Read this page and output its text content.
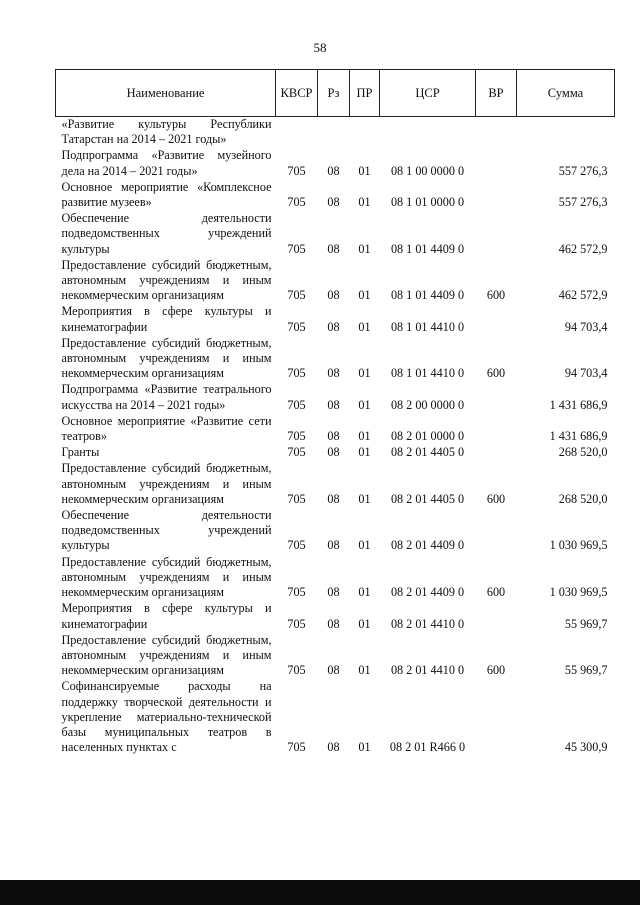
58
Наименование	КВСР	Рз	ПР	ЦСР	ВР	Сумма
«Развитие культуры Республики Татарстан на 2014 – 2021 годы»						
Подпрограмма «Развитие музейного дела на 2014 – 2021 годы»	705	08	01	08 1 00 0000 0		557 276,3
Основное мероприятие «Комплексное развитие музеев»	705	08	01	08 1 01 0000 0		557 276,3
Обеспечение деятельности подведомственных учреждений культуры	705	08	01	08 1 01 4409 0		462 572,9
Предоставление субсидий бюджетным, автономным учреждениям и иным некоммерческим организациям	705	08	01	08 1 01 4409 0	600	462 572,9
Мероприятия в сфере культуры и кинематографии	705	08	01	08 1 01 4410 0		94 703,4
Предоставление субсидий бюджетным, автономным учреждениям и иным некоммерческим организациям	705	08	01	08 1 01 4410 0	600	94 703,4
Подпрограмма «Развитие театрального искусства на 2014 – 2021 годы»	705	08	01	08 2 00 0000 0		1 431 686,9
Основное мероприятие «Развитие сети театров»	705	08	01	08 2 01 0000 0		1 431 686,9
Гранты	705	08	01	08 2 01 4405 0		268 520,0
Предоставление субсидий бюджетным, автономным учреждениям и иным некоммерческим организациям	705	08	01	08 2 01 4405 0	600	268 520,0
Обеспечение деятельности подведомственных учреждений культуры	705	08	01	08 2 01 4409 0		1 030 969,5
Предоставление субсидий бюджетным, автономным учреждениям и иным некоммерческим организациям	705	08	01	08 2 01 4409 0	600	1 030 969,5
Мероприятия в сфере культуры и кинематографии	705	08	01	08 2 01 4410 0		55 969,7
Предоставление субсидий бюджетным, автономным учреждениям и иным некоммерческим организациям	705	08	01	08 2 01 4410 0	600	55 969,7
Софинансируемые расходы на поддержку творческой деятельности и укрепление материально-технической базы муниципальных театров в населенных пунктах с	705	08	01	08 2 01 R466 0		45 300,9
